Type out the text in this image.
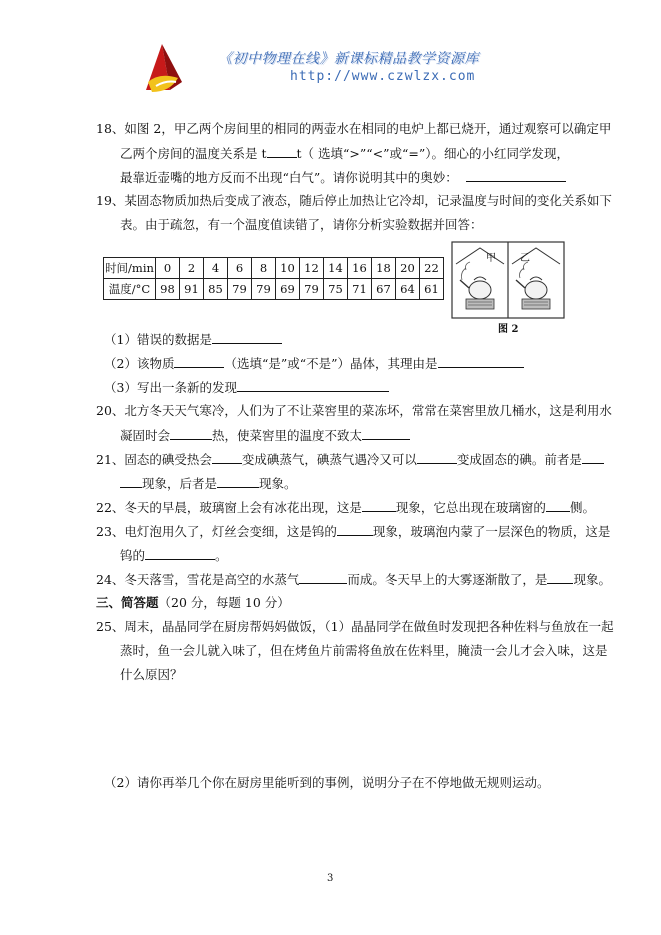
《初中物理在线》新课标精品教学资源库
http://www.czwlzx.com
18、如图 2，甲乙两个房间里的相同的两壶水在相同的电炉上都已烧开，通过观察可以确定甲
乙两个房间的温度关系是 t t（ 选填“>”“<”或“=”）。细心的小红同学发现，
最靠近壶嘴的地方反而不出现“白气”。请你说明其中的奥妙：
19、某固态物质加热后变成了液态，随后停止加热让它冷却，记录温度与时间的变化关系如下
表。由于疏忽，有一个温度值读错了，请你分析实验数据并回答：
时间/min	0	2	4	6	8	10	12	14	16	18	20	22
温度/°C	98	91	85	79	79	69	79	75	71	67	64	61
甲 乙
图 2
（1）错误的数据是
（2）该物质	（选填“是”或“不是”）晶体，其理由是
（3）写出一条新的发现
20、北方冬天天气寒冷，人们为了不让菜窖里的菜冻坏，常常在菜窖里放几桶水，这是利用水
凝固时会	热，使菜窖里的温度不致太
21、固态的碘受热会 变成碘蒸气，碘蒸气遇冷又可以	变成固态的碘。前者是
现象，后者是	现象。
22、冬天的早晨，玻璃窗上会有冰花出现，这是	现象，它总出现在玻璃窗的 侧。
23、电灯泡用久了，灯丝会变细，这是钨的	现象，玻璃泡内蒙了一层深色的物质，这是
钨的	。
24、冬天落雪，雪花是高空的水蒸气	而成。冬天早上的大雾逐渐散了，是 现象。
三、简答题（20 分，每题 10 分）
25、周末，晶晶同学在厨房帮妈妈做饭，（1）晶晶同学在做鱼时发现把各种佐料与鱼放在一起
蒸时，鱼一会儿就入味了，但在烤鱼片前需将鱼放在佐料里，腌渍一会儿才会入味，这是
什么原因？
（2）请你再举几个你在厨房里能听到的事例，说明分子在不停地做无规则运动。
3
